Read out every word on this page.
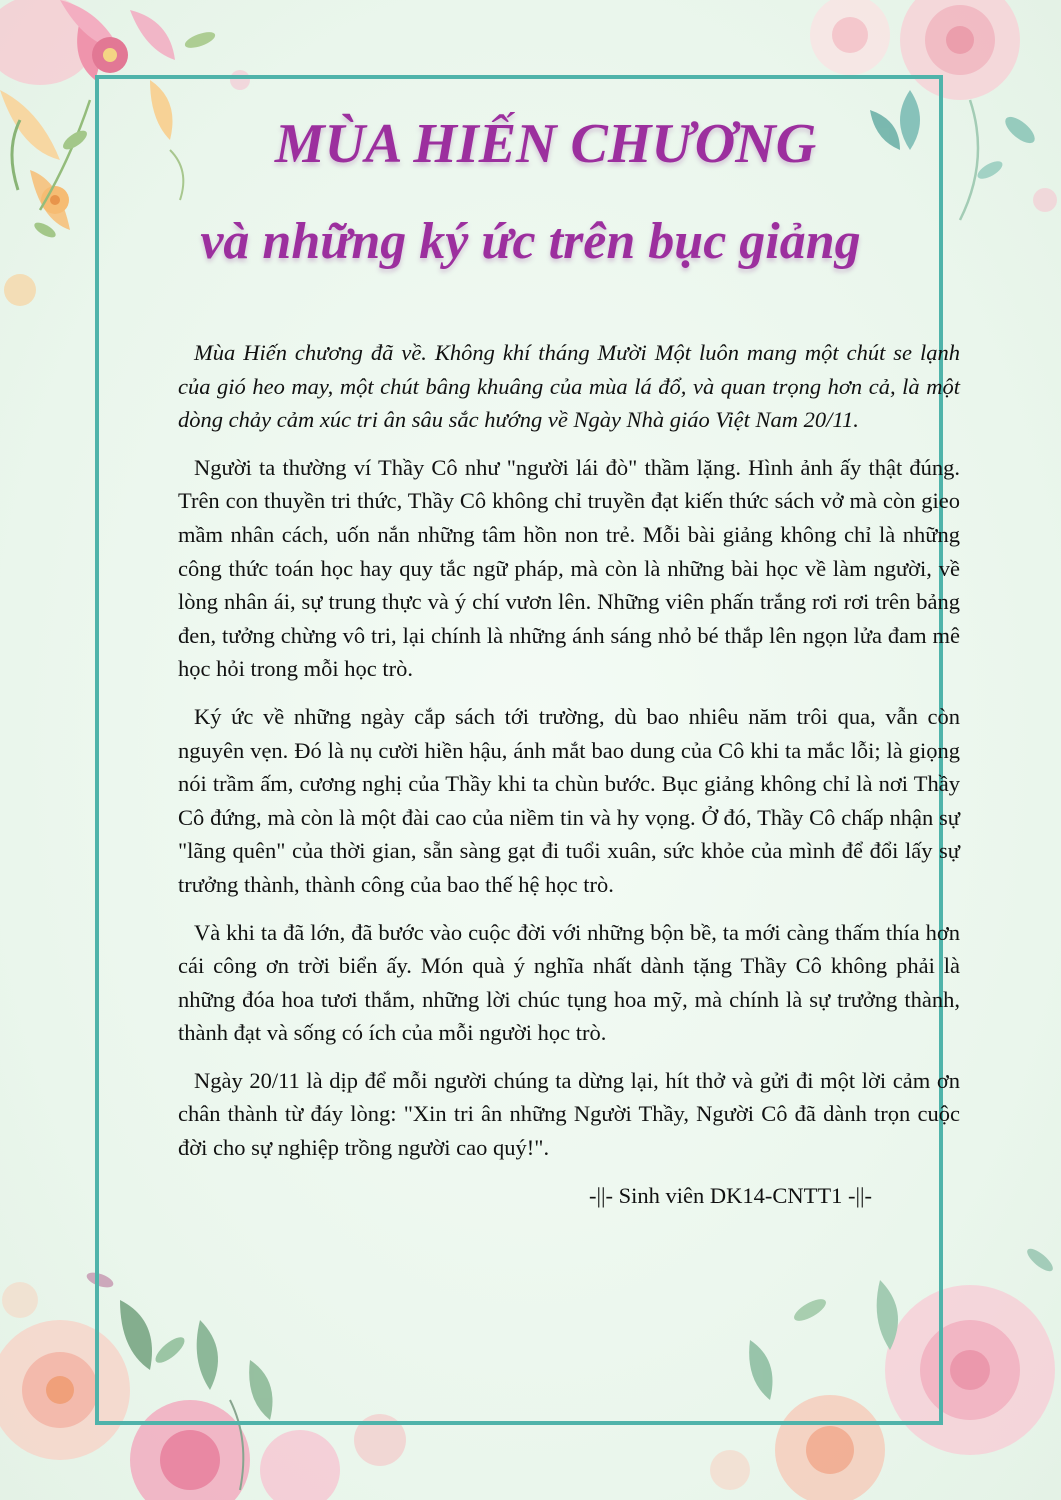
MÙA HIẾN CHƯƠNG
và những ký ức trên bục giảng

Mùa Hiến chương đã về. Không khí tháng Mười Một luôn mang một chút se lạnh của gió heo may, một chút bâng khuâng của mùa lá đổ, và quan trọng hơn cả, là một dòng chảy cảm xúc tri ân sâu sắc hướng về Ngày Nhà giáo Việt Nam 20/11.

Người ta thường ví Thầy Cô như "người lái đò" thầm lặng. Hình ảnh ấy thật đúng. Trên con thuyền tri thức, Thầy Cô không chỉ truyền đạt kiến thức sách vở mà còn gieo mầm nhân cách, uốn nắn những tâm hồn non trẻ. Mỗi bài giảng không chỉ là những công thức toán học hay quy tắc ngữ pháp, mà còn là những bài học về làm người, về lòng nhân ái, sự trung thực và ý chí vươn lên. Những viên phấn trắng rơi rơi trên bảng đen, tưởng chừng vô tri, lại chính là những ánh sáng nhỏ bé thắp lên ngọn lửa đam mê học hỏi trong mỗi học trò.

Ký ức về những ngày cắp sách tới trường, dù bao nhiêu năm trôi qua, vẫn còn nguyên vẹn. Đó là nụ cười hiền hậu, ánh mắt bao dung của Cô khi ta mắc lỗi; là giọng nói trầm ấm, cương nghị của Thầy khi ta chùn bước. Bục giảng không chỉ là nơi Thầy Cô đứng, mà còn là một đài cao của niềm tin và hy vọng. Ở đó, Thầy Cô chấp nhận sự "lãng quên" của thời gian, sẵn sàng gạt đi tuổi xuân, sức khỏe của mình để đổi lấy sự trưởng thành, thành công của bao thế hệ học trò.

Và khi ta đã lớn, đã bước vào cuộc đời với những bộn bề, ta mới càng thấm thía hơn cái công ơn trời biển ấy. Món quà ý nghĩa nhất dành tặng Thầy Cô không phải là những đóa hoa tươi thắm, những lời chúc tụng hoa mỹ, mà chính là sự trưởng thành, thành đạt và sống có ích của mỗi người học trò.

Ngày 20/11 là dịp để mỗi người chúng ta dừng lại, hít thở và gửi đi một lời cảm ơn chân thành từ đáy lòng: "Xin tri ân những Người Thầy, Người Cô đã dành trọn cuộc đời cho sự nghiệp trồng người cao quý!".

-||- Sinh viên DK14-CNTT1 -||-
